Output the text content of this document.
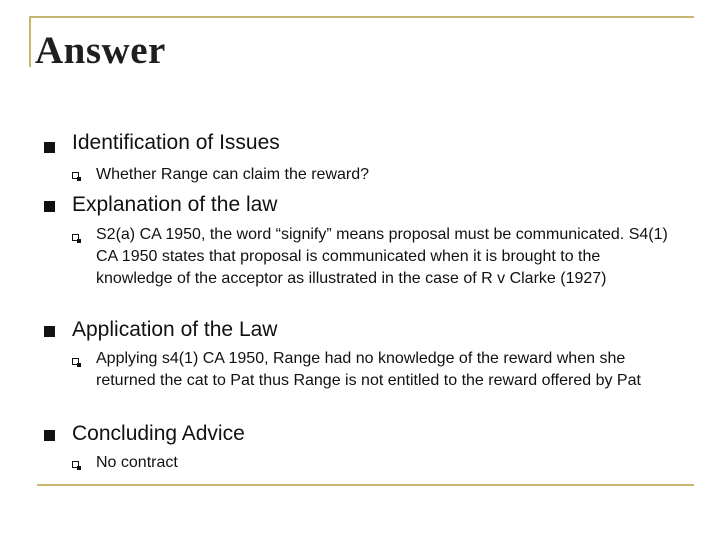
Answer
Identification of Issues
Whether Range can claim the reward?
Explanation of the law
S2(a) CA 1950, the word “signify” means proposal must be communicated. S4(1) CA 1950 states that proposal is communicated when it is brought to the knowledge of the acceptor as illustrated in the case of R v Clarke (1927)
Application of the Law
Applying s4(1) CA 1950, Range had no knowledge of the reward when she returned the cat to Pat thus Range is not entitled to the reward offered by Pat
Concluding Advice
No contract
